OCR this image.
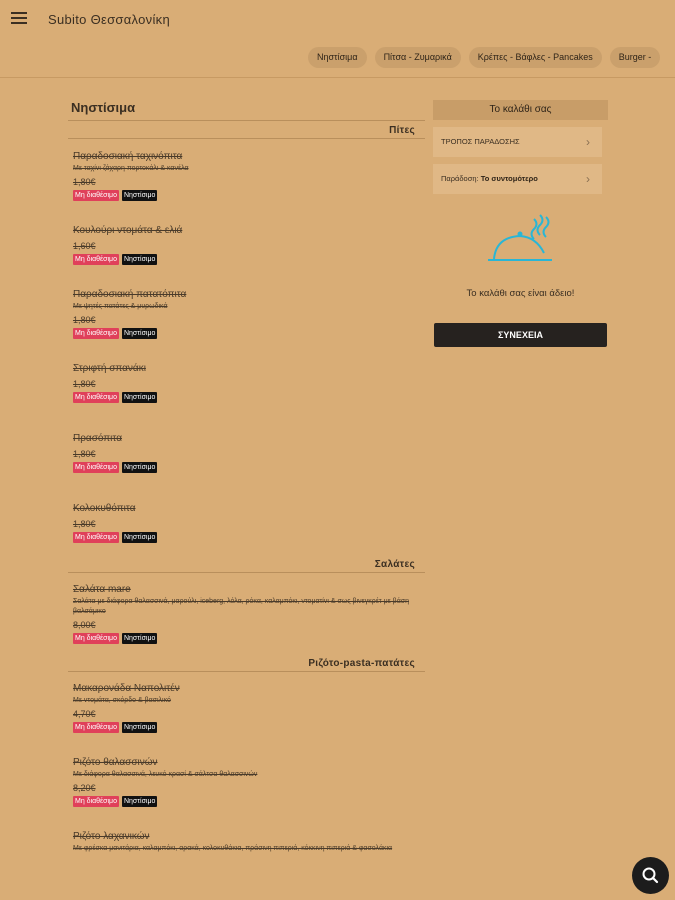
Subito Θεσσαλονίκη
Νηστίσιμα	Πίτσα - Ζυμαρικά	Κρέπες - Βάφλες - Pancakes	Burger -
Νηστίσιμα
Πίτες
Παραδοσιακή ταχινόπιτα
Με ταχίνι ζάχαρη πορτοκάλι & κανέλα
1,80€
Μη διαθέσιμο Νηστίσιμο
Κουλούρι ντομάτα & ελιά
1,60€
Μη διαθέσιμο Νηστίσιμο
Παραδοσιακή πατατόπιτα
Με ψητές πατάτες & μυρωδικά
1,80€
Μη διαθέσιμο Νηστίσιμο
Στριφτή σπανάκι
1,80€
Μη διαθέσιμο Νηστίσιμο
Πρασόπιτα
1,80€
Μη διαθέσιμο Νηστίσιμο
Κολοκυθόπιτα
1,80€
Μη διαθέσιμο Νηστίσιμο
Σαλάτες
Σαλάτα mare
Σαλάτα με διάφορα θαλασσινά, μαρούλι, iceberg, λόλα, ρόκα, καλαμπόκι, ντοματίνι & σως βινεγκρέτ με βάση βαλσάμικο
8,00€
Μη διαθέσιμο Νηστίσιμο
Ριζότο-pasta-πατάτες
Μακαρονάδα Ναπολιτέν
Με ντομάτα, σκόρδο & βασιλικό
4,70€
Μη διαθέσιμο Νηστίσιμο
Ριζότο θαλασσινών
Με διάφορα θαλασσινά, λευκό κρασί & σάλτσα θαλασσινών
8,20€
Μη διαθέσιμο Νηστίσιμο
Ριζότο λαχανικών
Με φρέσκα μανιτάρια, καλαμπόκι, αρακά, κολοκυθάκια, πράσινη πιπεριά, κόκκινη πιπεριά & φασολάκια
Το καλάθι σας
ΤΡΟΠΟΣ ΠΑΡΑΔΟΣΗΣ	›
Παράδοση: Το συντομότερο	›
Το καλάθι σας είναι άδειο!
ΣΥΝΕΧΕΙΑ
